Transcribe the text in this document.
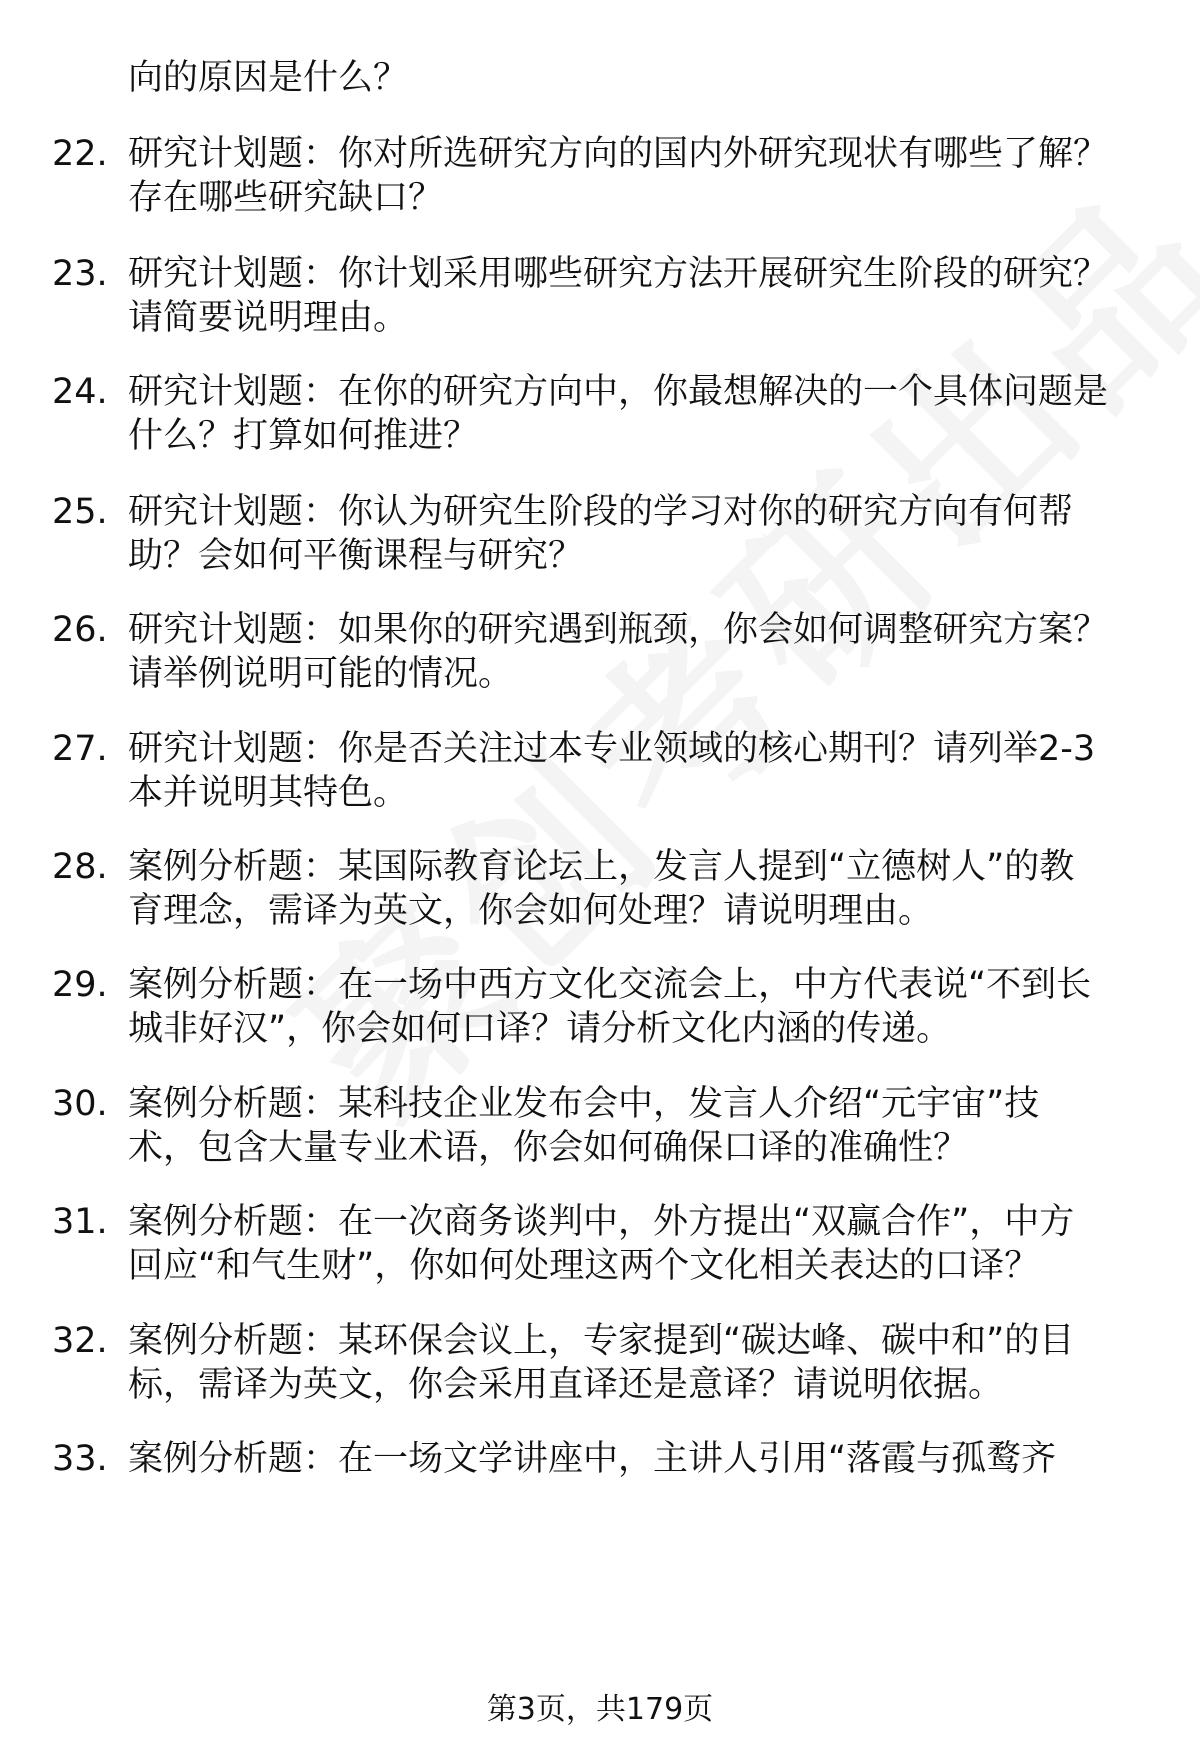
向的原因是什么？
22. 研究计划题：你对所选研究方向的国内外研究现状有哪些了解？
存在哪些研究缺口？
23. 研究计划题：你计划采用哪些研究方法开展研究生阶段的研究？
请简要说明理由。
24. 研究计划题：在你的研究方向中，你最想解决的一个具体问题是
什么？打算如何推进？
25. 研究计划题：你认为研究生阶段的学习对你的研究方向有何帮
助？会如何平衡课程与研究？
26. 研究计划题：如果你的研究遇到瓶颈，你会如何调整研究方案？
请举例说明可能的情况。
27. 研究计划题：你是否关注过本专业领域的核心期刊？请列举2-3
本并说明其特色。
28. 案例分析题：某国际教育论坛上，发言人提到“立德树人”的教
育理念，需译为英文，你会如何处理？请说明理由。
29. 案例分析题：在一场中西方文化交流会上，中方代表说“不到长
城非好汉”，你会如何口译？请分析文化内涵的传递。
30. 案例分析题：某科技企业发布会中，发言人介绍“元宇宙”技
术，包含大量专业术语，你会如何确保口译的准确性？
31. 案例分析题：在一次商务谈判中，外方提出“双赢合作”，中方
回应“和气生财”，你如何处理这两个文化相关表达的口译？
32. 案例分析题：某环保会议上，专家提到“碳达峰、碳中和”的目
标，需译为英文，你会采用直译还是意译？请说明依据。
33. 案例分析题：在一场文学讲座中，主讲人引用“落霞与孤鹜齐
第3页，共179页
